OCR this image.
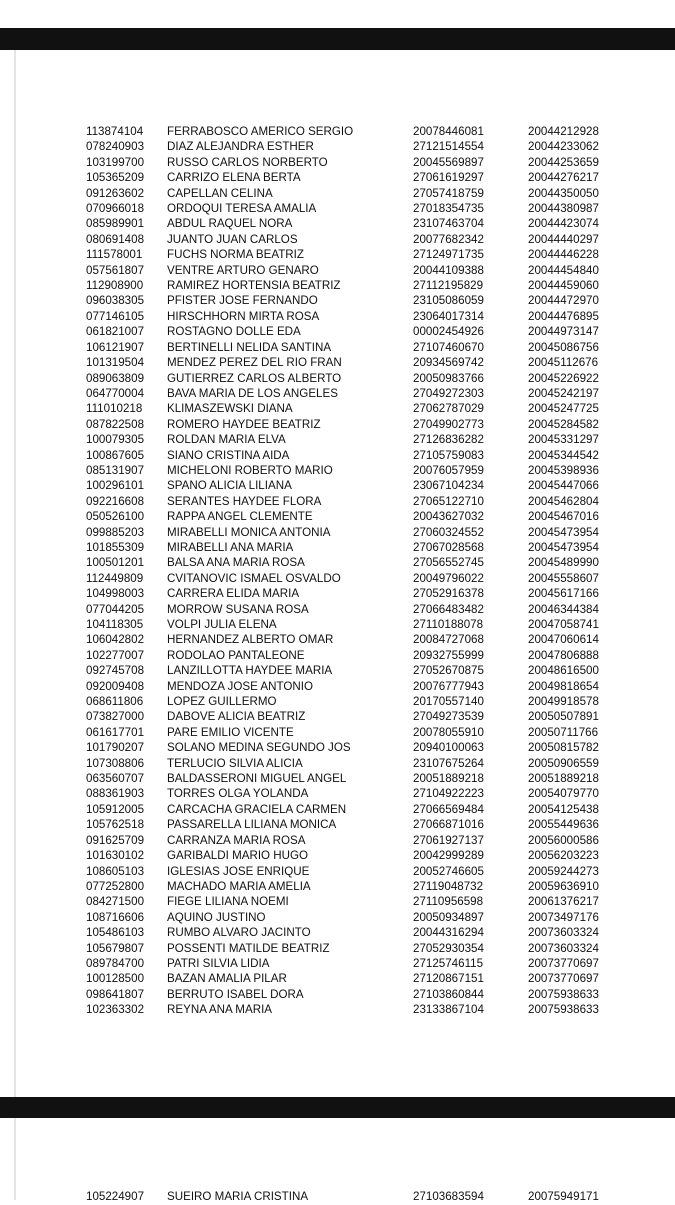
113874104 FERRABOSCO AMERICO SERGIO	20078446081	20044212928
078240903 DIAZ ALEJANDRA ESTHER	27121514554	20044233062
103199700 RUSSO CARLOS NORBERTO	20045569897	20044253659
105365209 CARRIZO ELENA BERTA	27061619297	20044276217
091263602 CAPELLAN CELINA	27057418759	20044350050
070966018 ORDOQUI TERESA AMALIA	27018354735	20044380987
085989901 ABDUL RAQUEL NORA	23107463704	20044423074
080691408 JUANTO JUAN CARLOS	20077682342	20044440297
111578001 FUCHS NORMA BEATRIZ	27124971735	20044446228
057561807 VENTRE ARTURO GENARO	20044109388	20044454840
112908900 RAMIREZ HORTENSIA BEATRIZ	27112195829	20044459060
096038305 PFISTER JOSE FERNANDO	23105086059	20044472970
077146105 HIRSCHHORN MIRTA ROSA	23064017314	20044476895
061821007 ROSTAGNO DOLLE EDA	00002454926	20044973147
106121907 BERTINELLI NELIDA SANTINA	27107460670	20045086756
101319504 MENDEZ PEREZ DEL RIO FRAN	20934569742	20045112676
089063809 GUTIERREZ CARLOS ALBERTO	20050983766	20045226922
064770004 BAVA MARIA DE LOS ANGELES	27049272303	20045242197
111010218 KLIMASZEWSKI DIANA	27062787029	20045247725
087822508 ROMERO HAYDEE BEATRIZ	27049902773	20045284582
100079305 ROLDAN MARIA ELVA	27126836282	20045331297
100867605 SIANO CRISTINA AIDA	27105759083	20045344542
085131907 MICHELONI ROBERTO MARIO	20076057959	20045398936
100296101 SPANO ALICIA LILIANA	23067104234	20045447066
092216608 SERANTES HAYDEE FLORA	27065122710	20045462804
050526100 RAPPA ANGEL CLEMENTE	20043627032	20045467016
099885203 MIRABELLI MONICA ANTONIA	27060324552	20045473954
101855309 MIRABELLI ANA MARIA	27067028568	20045473954
100501201 BALSA ANA MARIA ROSA	27056552745	20045489990
112449809 CVITANOVIC ISMAEL OSVALDO	20049796022	20045558607
104998003 CARRERA ELIDA MARIA	27052916378	20045617166
077044205 MORROW SUSANA ROSA	27066483482	20046344384
104118305 VOLPI JULIA ELENA	27110188078	20047058741
106042802 HERNANDEZ ALBERTO OMAR	20084727068	20047060614
102277007 RODOLAO PANTALEONE	20932755999	20047806888
092745708 LANZILLOTTA HAYDEE MARIA	27052670875	20048616500
092009408 MENDOZA JOSE ANTONIO	20076777943	20049818654
068611806 LOPEZ GUILLERMO	20170557140	20049918578
073827000 DABOVE ALICIA BEATRIZ	27049273539	20050507891
061617701 PARE EMILIO VICENTE	20078055910	20050711766
101790207 SOLANO MEDINA SEGUNDO JOS	20940100063	20050815782
107308806 TERLUCIO SILVIA ALICIA	23107675264	20050906559
063560707 BALDASSERONI MIGUEL ANGEL	20051889218	20051889218
088361903 TORRES OLGA YOLANDA	27104922223	20054079770
105912005 CARCACHA GRACIELA CARMEN	27066569484	20054125438
105762518 PASSARELLA LILIANA MONICA	27066871016	20055449636
091625709 CARRANZA MARIA ROSA	27061927137	20056000586
101630102 GARIBALDI MARIO HUGO	20042999289	20056203223
108605103 IGLESIAS JOSE ENRIQUE	20052746605	20059244273
077252800 MACHADO MARIA AMELIA	27119048732	20059636910
084271500 FIEGE LILIANA NOEMI	27110956598	20061376217
108716606 AQUINO JUSTINO	20050934897	20073497176
105486103 RUMBO ALVARO JACINTO	20044316294	20073603324
105679807 POSSENTI MATILDE BEATRIZ	27052930354	20073603324
089784700 PATRI SILVIA LIDIA	27125746115	20073770697
100128500 BAZAN AMALIA PILAR	27120867151	20073770697
098641807 BERRUTO ISABEL DORA	27103860844	20075938633
102363302 REYNA ANA MARIA	23133867104	20075938633
105224907 SUEIRO MARIA CRISTINA	27103683594	20075949171
